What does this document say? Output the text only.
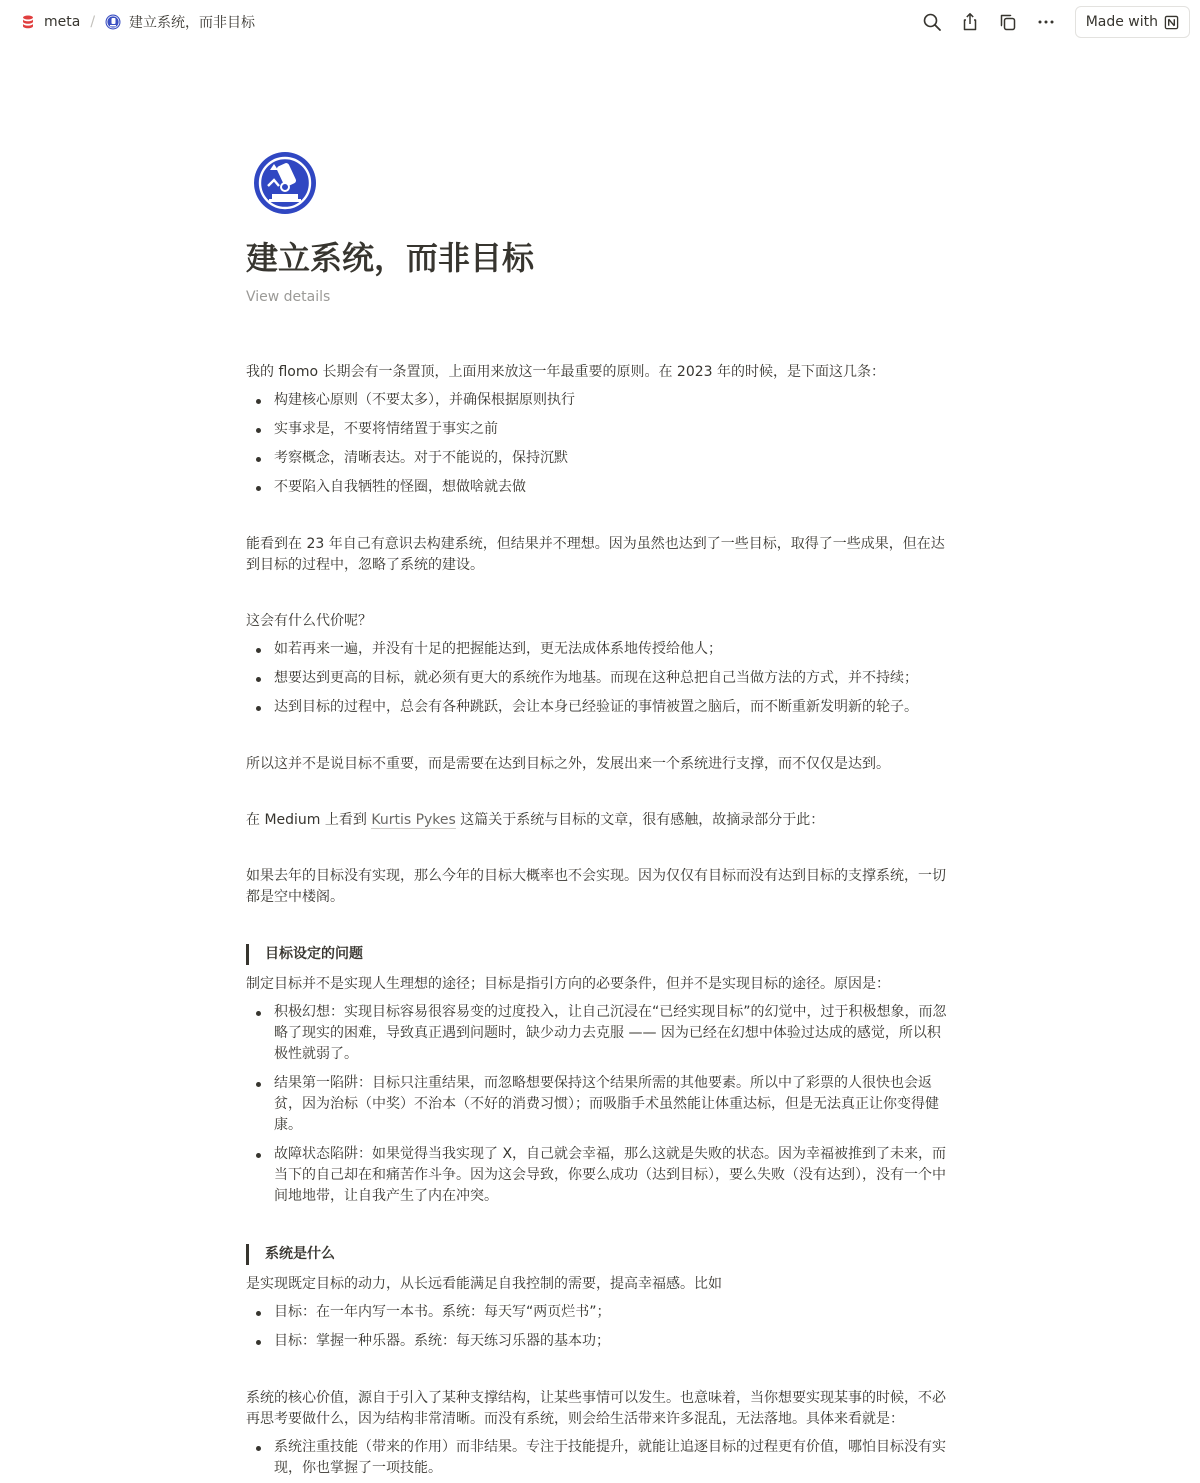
meta / 建立系统，而非目标	Made with
建立系统，而非目标
View details

我的 flomo 长期会有一条置顶，上面用来放这一年最重要的原则。在 2023 年的时候，是下面这几条：

构建核心原则（不要太多），并确保根据原则执行
实事求是，不要将情绪置于事实之前
考察概念，清晰表达。对于不能说的，保持沉默
不要陷入自我牺牲的怪圈，想做啥就去做

能看到在 23 年自己有意识去构建系统，但结果并不理想。因为虽然也达到了一些目标，取得了一些成果，但在达到目标的过程中，忽略了系统的建设。

这会有什么代价呢？

如若再来一遍，并没有十足的把握能达到，更无法成体系地传授给他人；
想要达到更高的目标，就必须有更大的系统作为地基。而现在这种总把自己当做方法的方式，并不持续；
达到目标的过程中，总会有各种跳跃，会让本身已经验证的事情被置之脑后，而不断重新发明新的轮子。

所以这并不是说目标不重要，而是需要在达到目标之外，发展出来一个系统进行支撑，而不仅仅是达到。

在 Medium 上看到 Kurtis Pykes 这篇关于系统与目标的文章，很有感触，故摘录部分于此：

如果去年的目标没有实现，那么今年的目标大概率也不会实现。因为仅仅有目标而没有达到目标的支撑系统，一切都是空中楼阁。

目标设定的问题

制定目标并不是实现人生理想的途径；目标是指引方向的必要条件，但并不是实现目标的途径。原因是：

积极幻想：实现目标容易很容易变的过度投入，让自己沉浸在“已经实现目标”的幻觉中，过于积极想象，而忽略了现实的困难，导致真正遇到问题时，缺少动力去克服 —— 因为已经在幻想中体验过达成的感觉，所以积极性就弱了。
结果第一陷阱：目标只注重结果，而忽略想要保持这个结果所需的其他要素。所以中了彩票的人很快也会返贫，因为治标（中奖）不治本（不好的消费习惯）；而吸脂手术虽然能让体重达标，但是无法真正让你变得健康。
故障状态陷阱：如果觉得当我实现了 X，自己就会幸福，那么这就是失败的状态。因为幸福被推到了未来，而当下的自己却在和痛苦作斗争。因为这会导致，你要么成功（达到目标），要么失败（没有达到），没有一个中间地地带，让自我产生了内在冲突。
系统是什么

是实现既定目标的动力，从长远看能满足自我控制的需要，提高幸福感。比如

目标：在一年内写一本书。系统：每天写“两页烂书”；
目标：掌握一种乐器。系统：每天练习乐器的基本功；

系统的核心价值，源自于引入了某种支撑结构，让某些事情可以发生。也意味着，当你想要实现某事的时候，不必再思考要做什么，因为结构非常清晰。而没有系统，则会给生活带来许多混乱，无法落地。具体来看就是：

系统注重技能（带来的作用）而非结果。专注于技能提升，就能让追逐目标的过程更有价值，哪怕目标没有实现，你也掌握了一项技能。
